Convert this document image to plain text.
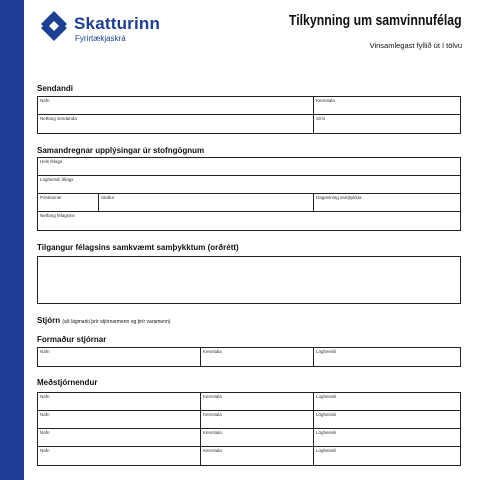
Skatturinn
Fyrirtækjaskrá
Tilkynning um samvinnufélag
Vinsamlegast fyllið út í tölvu
Sendandi
Nafn	Kennitala
Netfang sendanda	Sími
Samandregnar upplýsingar úr stofngögnum
Heiti félags
Lögheimili félags
Póstnúmer	Staður	Dagsetning samþykkta
Netfang félagsins
Tilgangur félagsins samkvæmt samþykktum (orðrétt)
Stjórn (að lágmarki þrír stjórnarmenn og þrír varamenn)
Formaður stjórnar
Nafn	Kennitala	Lögheimili
Meðstjórnendur
Nafn	Kennitala	Lögheimili
Nafn	Kennitala	Lögheimili
Nafn	Kennitala	Lögheimili
Nafn	Kennitala	Lögheimili
